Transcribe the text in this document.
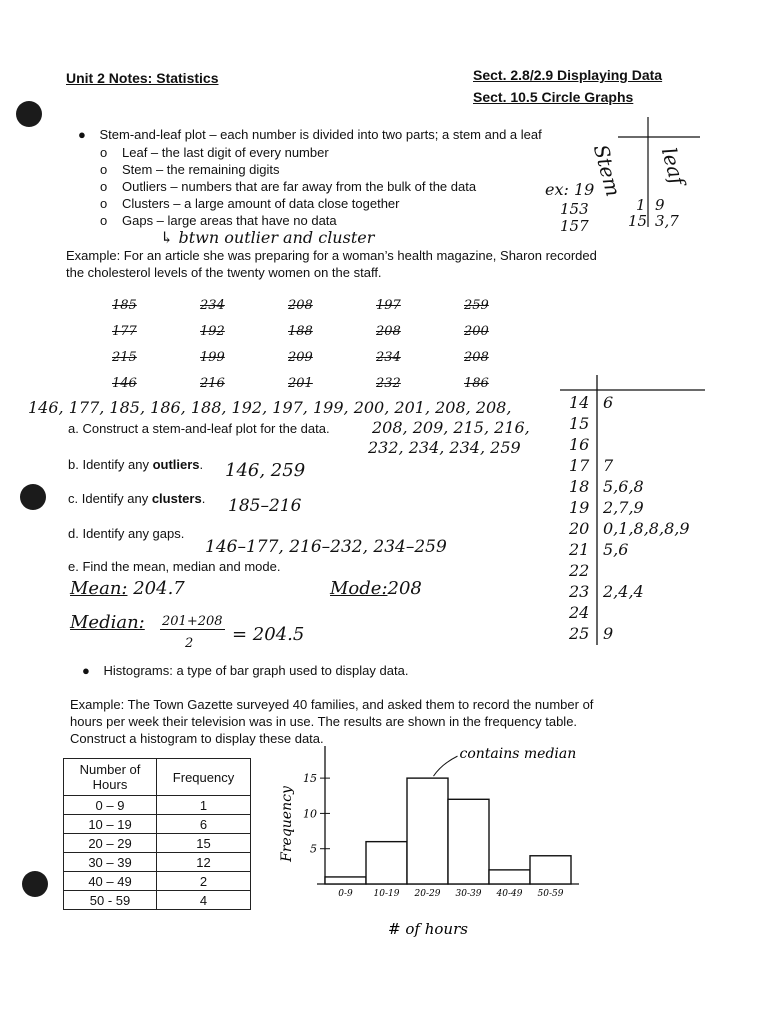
Unit 2 Notes: Statistics	Sect. 2.8/2.9 Displaying Data
Sect. 10.5 Circle Graphs
● Stem-and-leaf plot – each number is divided into two parts; a stem and a leaf
o Leaf – the last digit of every number
o Stem – the remaining digits
o Outliers – numbers that are far away from the bulk of the data
o Clusters – a large amount of data close together
o Gaps – large areas that have no data
↳ btwn outlier and cluster
Stem leaf
ex: 19
153
157
1 9
15 3,7
Example: For an article she was preparing for a woman’s health magazine, Sharon recorded
the cholesterol levels of the twenty women on the staff.
185	234	208	197	259
177	192	188	208	200
215	199	209	234	208
146	216	201	232	186
146, 177, 185, 186, 188, 192, 197, 199, 200, 201, 208, 208,
208, 209, 215, 216,
232, 234, 234, 259
a. Construct a stem-and-leaf plot for the data.
b. Identify any outliers. 146, 259
c. Identify any clusters. 185–216
d. Identify any gaps.
146–177, 216–232, 234–259
e. Find the mean, median and mode.
Mean: 204.7	Mode:208
Median: 201+208
2 = 204.5
14 6
15
16
17 7
18 5,6,8
19 2,7,9
20 0,1,8,8,8,9
21 5,6
22
23 2,4,4
24
25 9
● Histograms: a type of bar graph used to display data.
Example: The Town Gazette surveyed 40 families, and asked them to record the number of
hours per week their television was in use. The results are shown in the frequency table.
Construct a histogram to display these data.
Number of
Hours	Frequency
0 – 9	1
10 – 19	6
20 – 29	15
30 – 39	12
40 – 49	2
50 - 59	4
5
10
15
0-9 10-19 20-29 30-39 40-49 50-59
Frequency
# of hours
contains median
